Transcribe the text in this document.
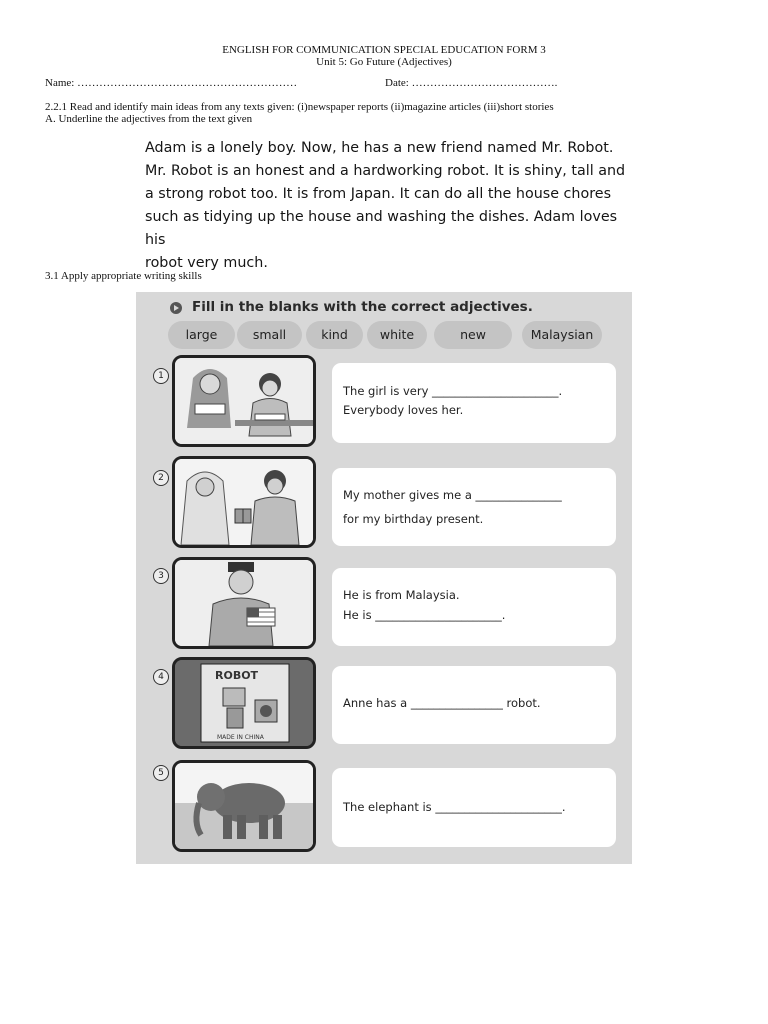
ENGLISH FOR COMMUNICATION SPECIAL EDUCATION FORM 3
Unit 5: Go Future (Adjectives)
Name: ……………………………………………………	Date: ………………………………….
2.2.1 Read and identify main ideas from any texts given: (i)newspaper reports (ii)magazine articles (iii)short stories
A. Underline the adjectives from the text given
Adam is a lonely boy. Now, he has a new friend named Mr. Robot.
Mr. Robot is an honest and a hardworking robot. It is shiny, tall and
a strong robot too. It is from Japan. It can do all the house chores
such as tidying up the house and washing the dishes. Adam loves his
robot very much.
3.1 Apply appropriate writing skills
Fill in the blanks with the correct adjectives.
large	small	kind	white	new	Malaysian
1
The girl is very ______________________.
Everybody loves her.
2
My mother gives me a _______________
for my birthday present.
3
He is from Malaysia.
He is ______________________.
4	ROBOT
MADE IN CHINA
Anne has a ________________ robot.
5
The elephant is ______________________.
